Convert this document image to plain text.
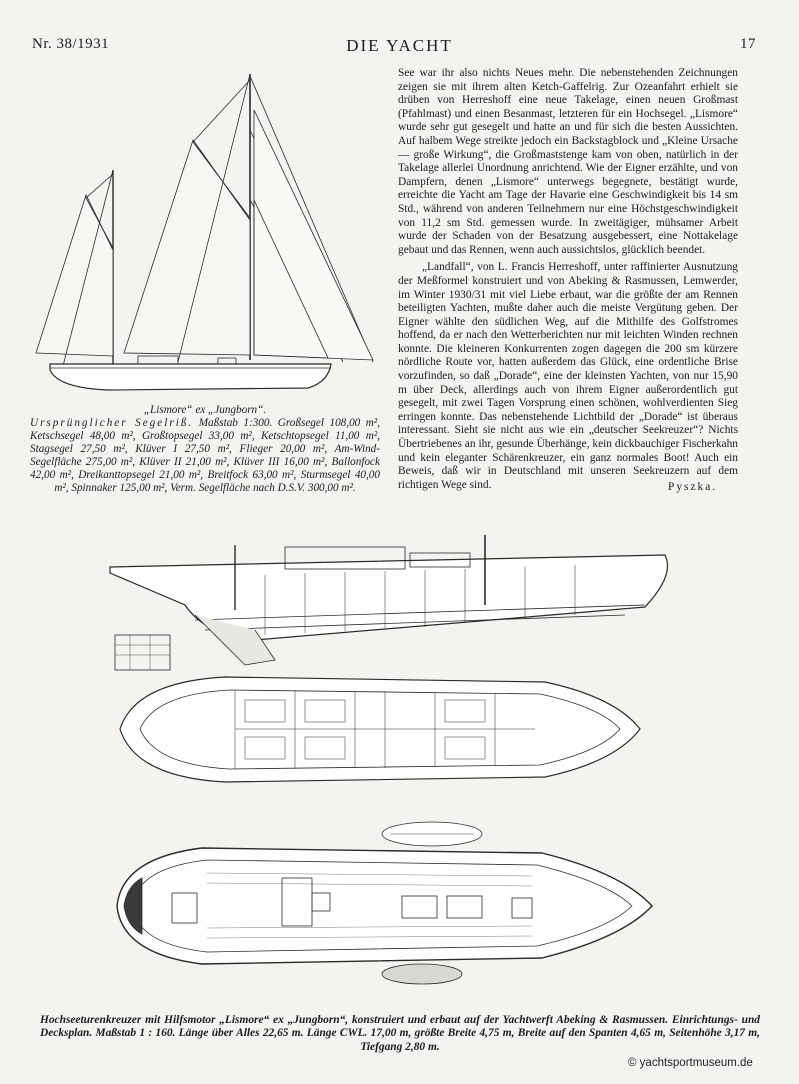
Nr. 38/1931	DIE YACHT	17
„Lismore“ ex „Jungborn“.
Ursprünglicher Segelriß. Maßstab 1:300. Großsegel 108,00 m², Ketschsegel 48,00 m², Großtopsegel 33,00 m², Ketschtopsegel 11,00 m², Stagsegel 27,50 m², Klüver I 27,50 m², Flieger 20,00 m², Am-Wind-Segelfläche 275,00 m², Klüver II 21,00 m², Klüver III 16,00 m², Ballonfock 42,00 m², Dreikanttopsegel 21,00 m², Breitfock 63,00 m², Sturmsegel 40,00 m², Spinnaker 125,00 m², Verm. Segelfläche nach D.S.V. 300,00 m².

See war ihr also nichts Neues mehr. Die nebenstehenden Zeichnungen zeigen sie mit ihrem alten Ketch-Gaffelrig. Zur Ozeanfahrt erhielt sie drüben von Herreshoff eine neue Takelage, einen neuen Großmast (Pfahlmast) und einen Besanmast, letzteren für ein Hochsegel. „Lismore“ wurde sehr gut gesegelt und hatte an und für sich die besten Aussichten. Auf halbem Wege streikte jedoch ein Backstagblock und „Kleine Ursache — große Wirkung“, die Großmaststenge kam von oben, natürlich in der Takelage allerlei Unordnung anrichtend. Wie der Eigner erzählte, und von Dampfern, denen „Lismore“ unterwegs begegnete, bestätigt wurde, erreichte die Yacht am Tage der Havarie eine Geschwindigkeit bis 14 sm Std., während von anderen Teilnehmern nur eine Höchstgeschwindigkeit von 11,2 sm Std. gemessen wurde. In zweitägiger, mühsamer Arbeit wurde der Schaden von der Besatzung ausgebessert, eine Nottakelage gebaut und das Rennen, wenn auch aussichtslos, glücklich beendet.

„Landfall“, von L. Francis Herreshoff, unter raffinierter Ausnutzung der Meßformel konstruiert und von Abeking & Rasmussen, Lemwerder, im Winter 1930/31 mit viel Liebe erbaut, war die größte der am Rennen beteiligten Yachten, mußte daher auch die meiste Vergütung geben. Der Eigner wählte den südlichen Weg, auf die Mithilfe des Golfstromes hoffend, da er nach den Wetterberichten nur mit leichten Winden rechnen konnte. Die kleineren Konkurrenten zogen dagegen die 200 sm kürzere nördliche Route vor, hatten außerdem das Glück, eine ordentliche Brise vorzufinden, so daß „Dorade“, eine der kleinsten Yachten, von nur 15,90 m über Deck, allerdings auch von ihrem Eigner außerordentlich gut gesegelt, mit zwei Tagen Vorsprung einen schönen, wohlverdienten Sieg erringen konnte. Das nebenstehende Lichtbild der „Dorade“ ist überaus interessant. Sieht sie nicht aus wie ein „deutscher Seekreuzer“? Nichts Übertriebenes an ihr, gesunde Überhänge, kein dickbauchiger Fischerkahn und kein eleganter Schärenkreuzer, ein ganz normales Boot! Auch ein Beweis, daß wir in Deutschland mit unseren Seekreuzern auf dem richtigen Wege sind.	Pyszka.
Hochseeturenkreuzer mit Hilfsmotor „Lismore“ ex „Jungborn“, konstruiert und erbaut auf der Yachtwerft Abeking & Rasmussen. Einrichtungs- und Decksplan. Maßstab 1 : 160. Länge über Alles 22,65 m. Länge CWL. 17,00 m, größte Breite 4,75 m, Breite auf den Spanten 4,65 m, Seitenhöhe 3,17 m, Tiefgang 2,80 m.
© yachtsportmuseum.de
